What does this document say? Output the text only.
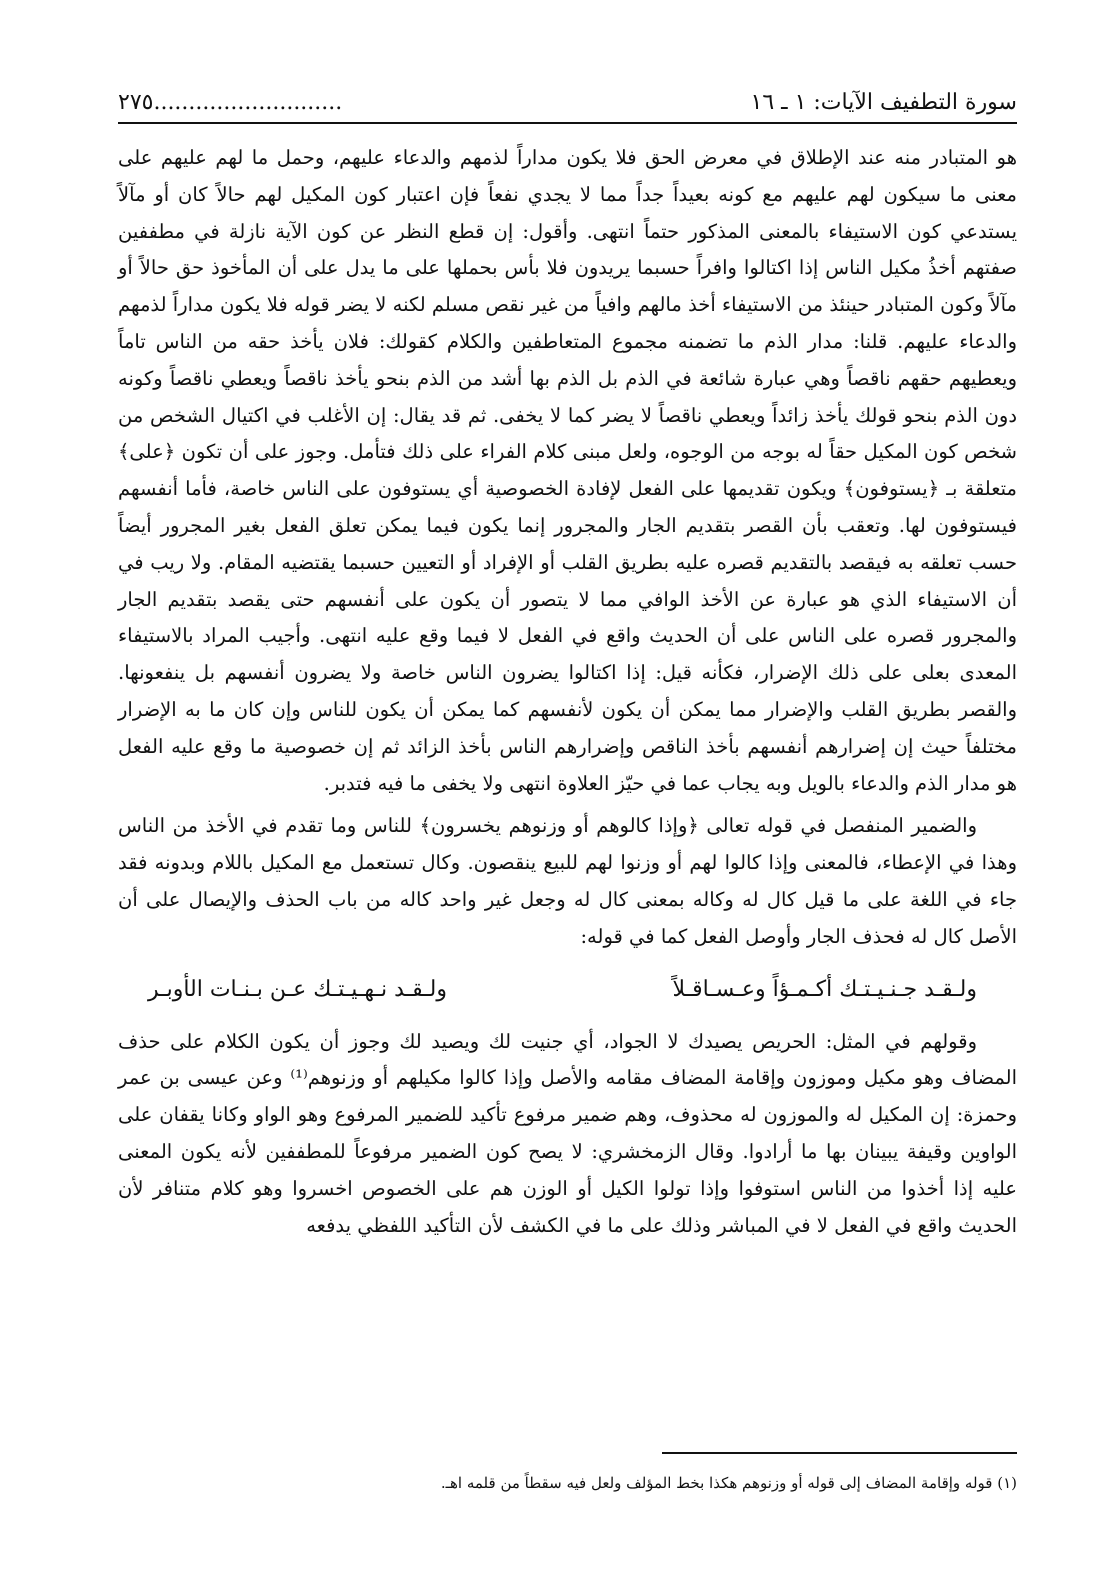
سورة التطفيف الآيات: ١ ـ ١٦
...........................٢٧٥

هو المتبادر منه عند الإطلاق في معرض الحق فلا يكون مداراً لذمهم والدعاء عليهم، وحمل ما لهم عليهم على معنى ما سيكون لهم عليهم مع كونه بعيداً جداً مما لا يجدي نفعاً فإن اعتبار كون المكيل لهم حالاً كان أو مآلاً يستدعي كون الاستيفاء بالمعنى المذكور حتماً انتهى. وأقول: إن قطع النظر عن كون الآية نازلة في مطففين صفتهم أخذُ مكيل الناس إذا اكتالوا وافراً حسبما يريدون فلا بأس بحملها على ما يدل على أن المأخوذ حق حالاً أو مآلاً وكون المتبادر حينئذ من الاستيفاء أخذ مالهم وافياً من غير نقص مسلم لكنه لا يضر قوله فلا يكون مداراً لذمهم والدعاء عليهم. قلنا: مدار الذم ما تضمنه مجموع المتعاطفين والكلام كقولك: فلان يأخذ حقه من الناس تاماً ويعطيهم حقهم ناقصاً وهي عبارة شائعة في الذم بل الذم بها أشد من الذم بنحو يأخذ ناقصاً ويعطي ناقصاً وكونه دون الذم بنحو قولك يأخذ زائداً ويعطي ناقصاً لا يضر كما لا يخفى. ثم قد يقال: إن الأغلب في اكتيال الشخص من شخص كون المكيل حقاً له بوجه من الوجوه، ولعل مبنى كلام الفراء على ذلك فتأمل. وجوز على أن تكون ﴿على﴾ متعلقة بـ ﴿يستوفون﴾ ويكون تقديمها على الفعل لإفادة الخصوصية أي يستوفون على الناس خاصة، فأما أنفسهم فيستوفون لها. وتعقب بأن القصر بتقديم الجار والمجرور إنما يكون فيما يمكن تعلق الفعل بغير المجرور أيضاً حسب تعلقه به فيقصد بالتقديم قصره عليه بطريق القلب أو الإفراد أو التعيين حسبما يقتضيه المقام. ولا ريب في أن الاستيفاء الذي هو عبارة عن الأخذ الوافي مما لا يتصور أن يكون على أنفسهم حتى يقصد بتقديم الجار والمجرور قصره على الناس على أن الحديث واقع في الفعل لا فيما وقع عليه انتهى. وأجيب المراد بالاستيفاء المعدى بعلى على ذلك الإضرار، فكأنه قيل: إذا اكتالوا يضرون الناس خاصة ولا يضرون أنفسهم بل ينفعونها. والقصر بطريق القلب والإضرار مما يمكن أن يكون لأنفسهم كما يمكن أن يكون للناس وإن كان ما به الإضرار مختلفاً حيث إن إضرارهم أنفسهم بأخذ الناقص وإضرارهم الناس بأخذ الزائد ثم إن خصوصية ما وقع عليه الفعل هو مدار الذم والدعاء بالويل وبه يجاب عما في حيّز العلاوة انتهى ولا يخفى ما فيه فتدبر.

والضمير المنفصل في قوله تعالى ﴿وإذا كالوهم أو وزنوهم يخسرون﴾ للناس وما تقدم في الأخذ من الناس وهذا في الإعطاء، فالمعنى وإذا كالوا لهم أو وزنوا لهم للبيع ينقصون. وكال تستعمل مع المكيل باللام وبدونه فقد جاء في اللغة على ما قيل كال له وكاله بمعنى كال له وجعل غير واحد كاله من باب الحذف والإيصال على أن الأصل كال له فحذف الجار وأوصل الفعل كما في قوله:

ولـقـد جـنـيـتـك أكـمـؤاً وعـسـاقـلاً
ولـقـد نـهـيـتـك عـن بـنـات الأوبـر

وقولهم في المثل: الحريص يصيدك لا الجواد، أي جنيت لك ويصيد لك وجوز أن يكون الكلام على حذف المضاف وهو مكيل وموزون وإقامة المضاف مقامه والأصل وإذا كالوا مكيلهم أو وزنوهم⁽¹⁾ وعن عيسى بن عمر وحمزة: إن المكيل له والموزون له محذوف، وهم ضمير مرفوع تأكيد للضمير المرفوع وهو الواو وكانا يقفان على الواوين وقيفة يبينان بها ما أرادوا. وقال الزمخشري: لا يصح كون الضمير مرفوعاً للمطففين لأنه يكون المعنى عليه إذا أخذوا من الناس استوفوا وإذا تولوا الكيل أو الوزن هم على الخصوص اخسروا وهو كلام متنافر لأن الحديث واقع في الفعل لا في المباشر وذلك على ما في الكشف لأن التأكيد اللفظي يدفعه

(١) قوله وإقامة المضاف إلى قوله أو وزنوهم هكذا بخط المؤلف ولعل فيه سقطاً من قلمه اهـ.
